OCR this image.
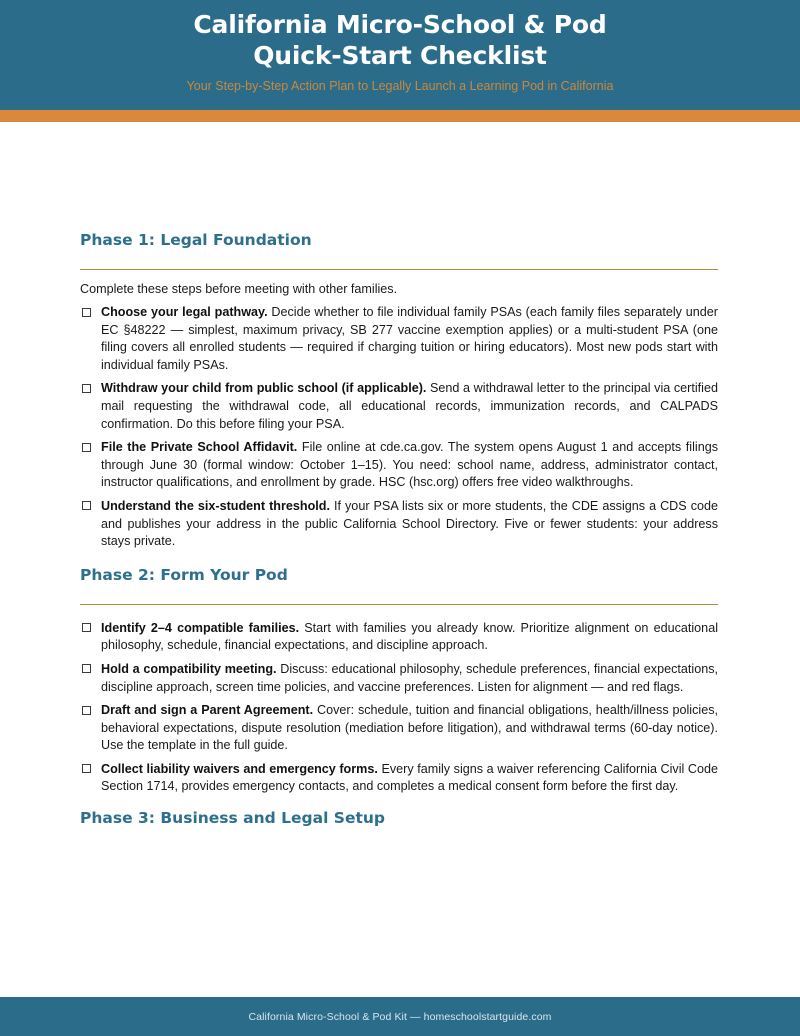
California Micro-School & Pod
Quick-Start Checklist

Your Step-by-Step Action Plan to Legally Launch a Learning Pod in California

Phase 1: Legal Foundation

Complete these steps before meeting with other families.

Choose your legal pathway. Decide whether to file individual family PSAs (each family files separately under EC §48222 — simplest, maximum privacy, SB 277 vaccine exemption applies) or a multi-student PSA (one filing covers all enrolled students — required if charging tuition or hiring educators). Most new pods start with individual family PSAs.
Withdraw your child from public school (if applicable). Send a withdrawal letter to the principal via certified mail requesting the withdrawal code, all educational records, immunization records, and CALPADS confirmation. Do this before filing your PSA.
File the Private School Affidavit. File online at cde.ca.gov. The system opens August 1 and accepts filings through June 30 (formal window: October 1–15). You need: school name, address, administrator contact, instructor qualifications, and enrollment by grade. HSC (hsc.org) offers free video walkthroughs.
Understand the six-student threshold. If your PSA lists six or more students, the CDE assigns a CDS code and publishes your address in the public California School Directory. Five or fewer students: your address stays private.
Phase 2: Form Your Pod
Identify 2–4 compatible families. Start with families you already know. Prioritize alignment on educational philosophy, schedule, financial expectations, and discipline approach.
Hold a compatibility meeting. Discuss: educational philosophy, schedule preferences, financial expectations, discipline approach, screen time policies, and vaccine preferences. Listen for alignment — and red flags.
Draft and sign a Parent Agreement. Cover: schedule, tuition and financial obligations, health/illness policies, behavioral expectations, dispute resolution (mediation before litigation), and withdrawal terms (60-day notice). Use the template in the full guide.
Collect liability waivers and emergency forms. Every family signs a waiver referencing California Civil Code Section 1714, provides emergency contacts, and completes a medical consent form before the first day.
Phase 3: Business and Legal Setup
California Micro-School & Pod Kit — homeschoolstartguide.com
